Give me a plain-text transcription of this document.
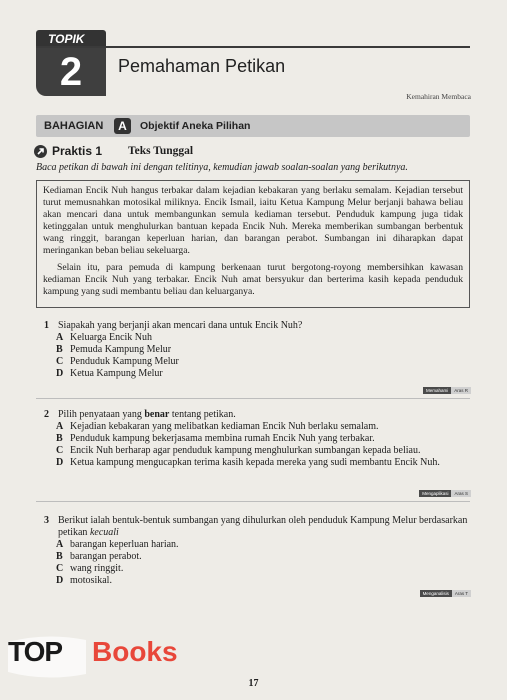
TOPIK
2	Pemahaman Petikan
Kemahiran Membaca
BAHAGIAN	A	Objektif Aneka Pilihan
Praktis 1 Teks Tunggal
Baca petikan di bawah ini dengan telitinya, kemudian jawab soalan-soalan yang berikutnya.

Kediaman Encik Nuh hangus terbakar dalam kejadian kebakaran yang berlaku semalam. Kejadian tersebut turut memusnahkan motosikal miliknya. Encik Ismail, iaitu Ketua Kampung Melur berjanji bahawa beliau akan mencari dana untuk membangunkan semula kediaman tersebut. Penduduk kampung juga tidak ketinggalan untuk menghulurkan bantuan kepada Encik Nuh. Mereka memberikan sumbangan berbentuk wang ringgit, barangan keperluan harian, dan barangan perabot. Sumbangan ini diharapkan dapat meringankan beban beliau sekeluarga.

Selain itu, para pemuda di kampung berkenaan turut bergotong-royong membersihkan kawasan kediaman Encik Nuh yang terbakar. Encik Nuh amat bersyukur dan berterima kasih kepada penduduk kampung yang sudi membantu beliau dan keluarganya.

1 Siapakah yang berjanji akan mencari dana untuk Encik Nuh?
A Keluarga Encik Nuh
B Pemuda Kampung Melur
C Penduduk Kampung Melur
D Ketua Kampung Melur
Memahami	Aras R
2 Pilih penyataan yang benar tentang petikan.
A Kejadian kebakaran yang melibatkan kediaman Encik Nuh berlaku semalam.
B Penduduk kampung bekerjasama membina rumah Encik Nuh yang terbakar.
C Encik Nuh berharap agar penduduk kampung menghulurkan sumbangan kepada beliau.
D Ketua kampung mengucapkan terima kasih kepada mereka yang sudi membantu Encik Nuh.
Mengaplikasi	Aras S
3 Berikut ialah bentuk-bentuk sumbangan yang dihulurkan oleh penduduk Kampung Melur berdasarkan petikan kecuali
A barangan keperluan harian.
B barangan perabot.
C wang ringgit.
D motosikal.
Menganalisis	Aras T
TOP Books
17
